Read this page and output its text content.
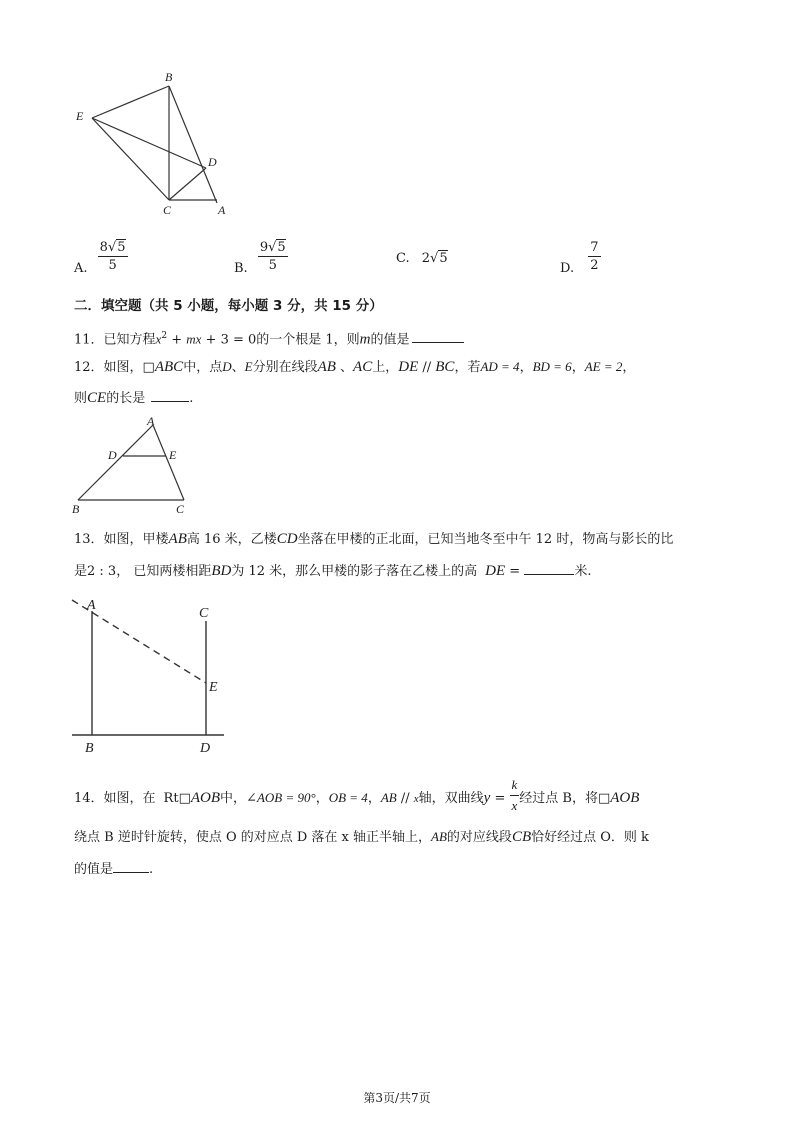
B
E
D
C	A
A. $\frac{8√5}{5}$	B. $\frac{9√5}{5}$	C. 2√5
D. $\frac{7}{2}$
二．填空题（共 5 小题，每小题 3 分，共 15 分）
11．已知方程$x^2$ + mx + 3 = 0的一个根是 1，则m的值是
12．如图，□ABC中，点D、E分别在线段AB 、AC上，DE // BC，若AD = 4，BD = 6，AE = 2，
则CE的长是	.
A
D	E
B	C
13．如图，甲楼AB高 16 米，乙楼CD坐落在甲楼的正北面，已知当地冬至中午 12 时，物高与影长的比
是2 : 3， 已知两楼相距BD为 12 米，那么甲楼的影子落在乙楼上的高 DE =	米.
A
C
E
B	D
14．如图，在 Rt□AOB中，∠AOB = 90°，OB = 4，AB // x轴，双曲线$y = \frac{k}{x}$ 经过点 B，将□AOB
绕点 B 逆时针旋转，使点 O 的对应点 D 落在 x 轴正半轴上，AB的对应线段CB恰好经过点 O．则 k
的值是	.
第3页/共7页
